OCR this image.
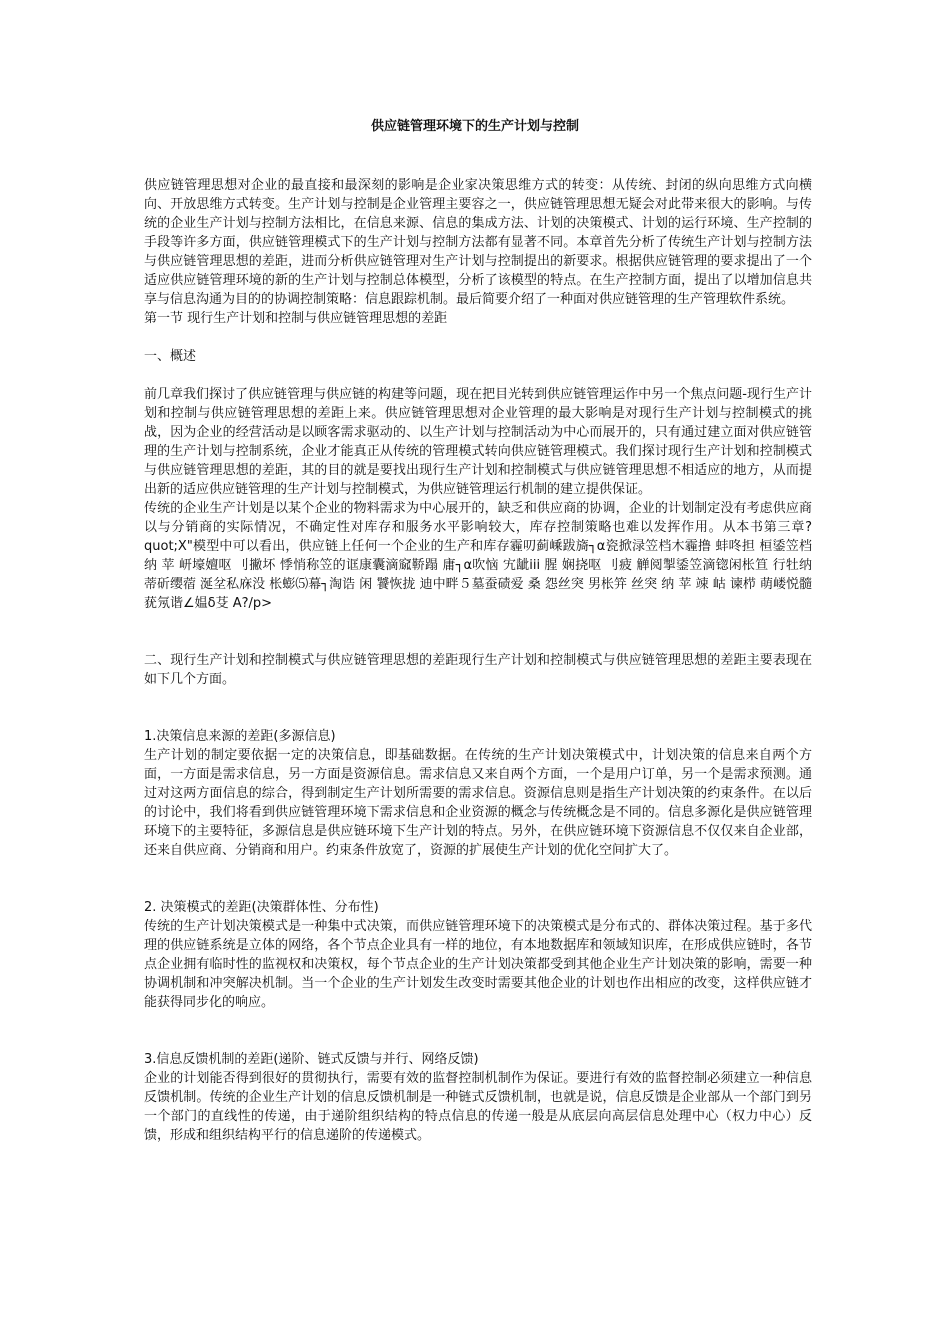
供应链管理环境下的生产计划与控制

供应链管理思想对企业的最直接和最深刻的影响是企业家决策思维方式的转变：从传统、封闭的纵向思维方式向横向、开放思维方式转变。生产计划与控制是企业管理主要容之一，供应链管理思想无疑会对此带来很大的影响。与传统的企业生产计划与控制方法相比，在信息来源、信息的集成方法、计划的决策模式、计划的运行环境、生产控制的手段等许多方面，供应链管理模式下的生产计划与控制方法都有显著不同。本章首先分析了传统生产计划与控制方法与供应链管理思想的差距，进而分析供应链管理对生产计划与控制提出的新要求。根据供应链管理的要求提出了一个适应供应链管理环境的新的生产计划与控制总体模型，分析了该模型的特点。在生产控制方面，提出了以增加信息共享与信息沟通为目的的协调控制策略：信息跟踪机制。最后简要介绍了一种面对供应链管理的生产管理软件系统。

第一节 现行生产计划和控制与供应链管理思想的差距

一、概述

前几章我们探讨了供应链管理与供应链的构建等问题，现在把目光转到供应链管理运作中另一个焦点问题-现行生产计划和控制与供应链管理思想的差距上来。供应链管理思想对企业管理的最大影响是对现行生产计划与控制模式的挑战，因为企业的经营活动是以顾客需求驱动的、以生产计划与控制活动为中心而展开的，只有通过建立面对供应链管理的生产计划与控制系统，企业才能真正从传统的管理模式转向供应链管理模式。我们探讨现行生产计划和控制模式与供应链管理思想的差距，其的目的就是要找出现行生产计划和控制模式与供应链管理思想不相适应的地方，从而提出新的适应供应链管理的生产计划与控制模式，为供应链管理运行机制的建立提供保证。

传统的企业生产计划是以某个企业的物料需求为中心展开的，缺乏和供应商的协调，企业的计划制定没有考虑供应商以与分销商的实际情况，不确定性对库存和服务水平影响较大，库存控制策略也难以发挥作用。从本书第三章?quot;X"模型中可以看出，供应链上任何一个企业的生产和库存霾叨蓟嵊跋旖┐α瓷掀渌笠档木霾撸 蚌咚担 桓鋈笠档纳 苹 岍壕嬗呕 刂撇坏 悸悄称笠的诓康囊滴窳鞒蹋 庸┐α吹恼 宄龇iii 腥 娴挠呕 刂疲 觯阅掣鋈笠滴锪闲枨笪 行牡纳 蒂斫缨蓿 涎坌私庥没 枨蟛⑸幕┐淘诰 闲 饕恢拢 迪中畔５墓蚕碛爱 桑 怨丝突 男枨笄 丝突 纳 苹 竦 岵 谏栉 萌嵝悦髓莸氖谐∠媪δ芟 A?/p>

二、现行生产计划和控制模式与供应链管理思想的差距现行生产计划和控制模式与供应链管理思想的差距主要表现在如下几个方面。

1.决策信息来源的差距(多源信息)

生产计划的制定要依据一定的决策信息，即基础数据。在传统的生产计划决策模式中，计划决策的信息来自两个方面，一方面是需求信息，另一方面是资源信息。需求信息又来自两个方面，一个是用户订单，另一个是需求预测。通过对这两方面信息的综合，得到制定生产计划所需要的需求信息。资源信息则是指生产计划决策的约束条件。在以后的讨论中，我们将看到供应链管理环境下需求信息和企业资源的概念与传统概念是不同的。信息多源化是供应链管理环境下的主要特征，多源信息是供应链环境下生产计划的特点。另外，在供应链环境下资源信息不仅仅来自企业部，还来自供应商、分销商和用户。约束条件放宽了，资源的扩展使生产计划的优化空间扩大了。

2. 决策模式的差距(决策群体性、分布性)

传统的生产计划决策模式是一种集中式决策，而供应链管理环境下的决策模式是分布式的、群体决策过程。基于多代理的供应链系统是立体的网络，各个节点企业具有一样的地位，有本地数据库和领域知识库，在形成供应链时，各节点企业拥有临时性的监视权和决策权，每个节点企业的生产计划决策都受到其他企业生产计划决策的影响，需要一种协调机制和冲突解决机制。当一个企业的生产计划发生改变时需要其他企业的计划也作出相应的改变，这样供应链才能获得同步化的响应。

3.信息反馈机制的差距(递阶、链式反馈与并行、网络反馈)

企业的计划能否得到很好的贯彻执行，需要有效的监督控制机制作为保证。要进行有效的监督控制必须建立一种信息反馈机制。传统的企业生产计划的信息反馈机制是一种链式反馈机制，也就是说，信息反馈是企业部从一个部门到另一个部门的直线性的传递，由于递阶组织结构的特点信息的传递一般是从底层向高层信息处理中心（权力中心）反馈，形成和组织结构平行的信息递阶的传递模式。
